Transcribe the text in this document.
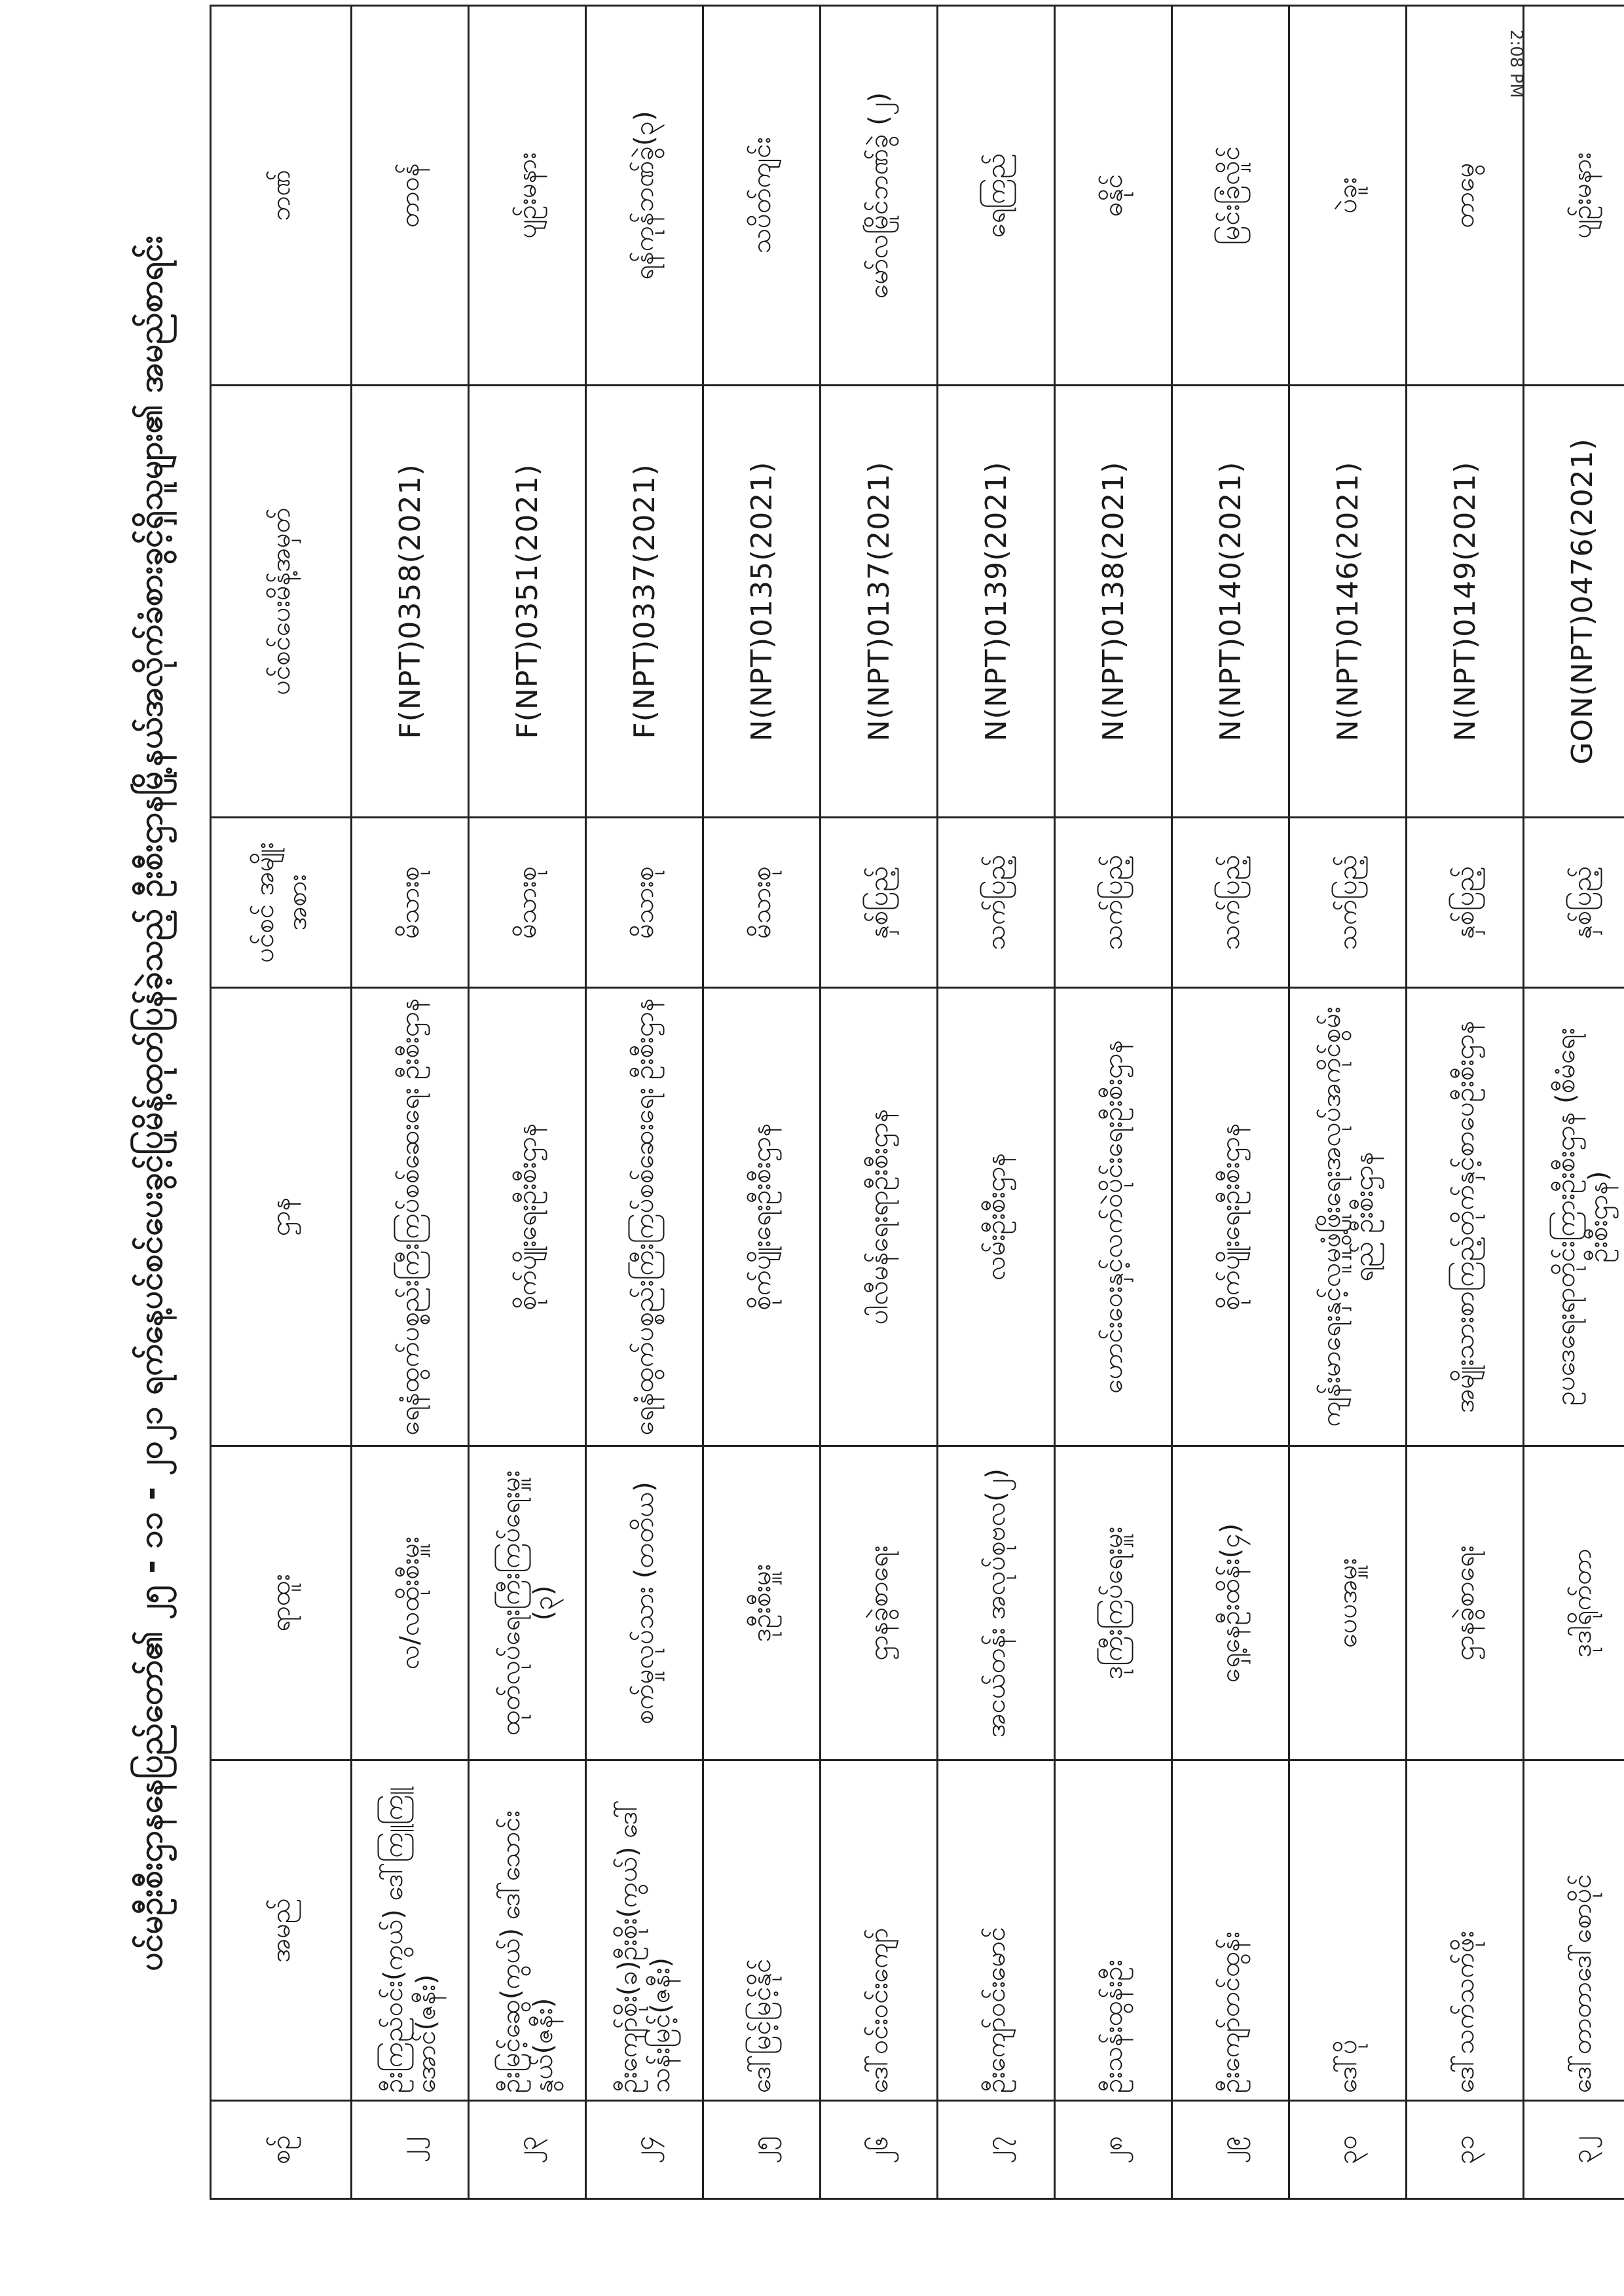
ပင်မဦးစီးဌာနနေပြည်တော်၏ ၂၅ - ၁၁ - ၂၀၂၁ ရက်နေ့ပင်စင်ပေးခွင့်ပြုမိန့်ထုတ်ပြန်ခဲ့သည့် ဦးစီးဌာနမြို့နယ်အလိုက်ခံစားခွင့်ရှိသူများ၏ အမည်စာရင်း
စဉ်	အမည်	ရာထူး	ဌာန	ပင်စင် အမျိုးအစား	ပင်စင်ပေးမိန့်အမှတ်	ဘဏ်
၂၂	ဦးကြည်ဝင်း(ကွယ်) ဒေါ်ကြူကြူအောင်(ဇနီး)	လ/လထိုးစီးမှူး	ရေနံထွက်ပစ္စည်းကြီးကြပ်စစ်ဆေးရေး ဦးစီးဌာန	မိသားစု	F(NPT)0358(2021)	တာဝန်
၂၃	ဦးမြင့်ဆွေ(ကွယ်) ဒေါ်သောင်းနွယ်(ဇနီး)	ထုတ်လုပ်ရေးကြီးကြပ်ရေးမှူး (၃)	စိုက်ပျိုးရေးဦးစီးဌာန	မိသားစု	F(NPT)0351(2021)	ပျဉ်းမနား
၂၄	ဦးကျော်စိုး(ခ)ဦးစိုး(ကွယ်) ဒေါ်သန်းမြင့်(ဇနီး)	စက်မှုလုပ်သား (တတိယ)	ရေနံထွက်ပစ္စည်းကြီးကြပ်စစ်ဆေးရေး ဦးစီးဌာန	မိသားစု	F(NPT)0337(2021)	ရန်ကုန်ဘဏ်ခွဲ(၃)
၂၅	ဒေါ်မြင့်မြင့်နိုင်	ဒုဦးစီးမှူး	စိုက်ပျိုးရေးဦးစီးဌာန	မိသားစု	N(NPT)0135(2021)	သပိတ်ကျင်း
၂၆	ဒေါ်ဝင်းဝင်းကျော်	ဌာနခွဲစာရေး	ပါလီမန်ရေးရာဦးစီးဌာန	နှစ်ပြည့်	N(NPT)0137(2021)	မော်လမြိုင်ဘဏ်ခွဲ (၂)
၂၇	ဦးကျော်ဝင်းမောင်	အငယ်တန်း အလုပ်စုဗလ(၂)	လမ်းဦးစီးဌာန	သက်ပြည့်	N(NPT)0139(2021)	ရေကြည်
၂၈	ဦးသန်းထွန်းဦး	ဒုကြီးကြပ်ရေးမှူး	ဟောင်းဝေးနှင့်လက်ဝဲပိုင်းရေးဦးစီးဌာန	သက်ပြည့်	N(NPT)0138(2021)	ဓနိုင်
၂၉	ဦးကျော်တင်ထွန်း	ရှေ့နေဦးထိန်း(၄)	စိုက်ပျိုးရေးဦးစီးဌာန	သက်ပြည့်	N(NPT)0140(2021)	မြင်းခြံလှိုင်
၃၀	ဒေါ်ပို	ပေပအမှူး	ကျန်းမာရေးနှင့်လူမှုဖွံ့ဖြိုးရေးအလုပ်အကိုင်စွမ်းရည် ဦးစီးဌာန	သက်ပြည့်	N(NPT)0146(2021)	ပဲခူး
၃၁	ဒေါ်သက်သက်ဖိုး	ဌာနခွဲစာရေး	အမျိုးသားစာကြည့်တိုက်နှင့်စာပေဦးစီးဌာန	နှစ်ပြည့်	N(NPT)0149(2021)	တာမွေ
၃၂	ဒေါ်တာတာဒေါ်စောပိုင်	ဒုဒါရိုက်တာ	ဥပဒေရေးရာတိုင်းကြားဦးစီးဌာန (စီမံရေးဦးစီးဌာန)	နှစ်ပြည့်	GON(NPT)0476(2021)	ပျဉ်းမနား
2:08 PM
